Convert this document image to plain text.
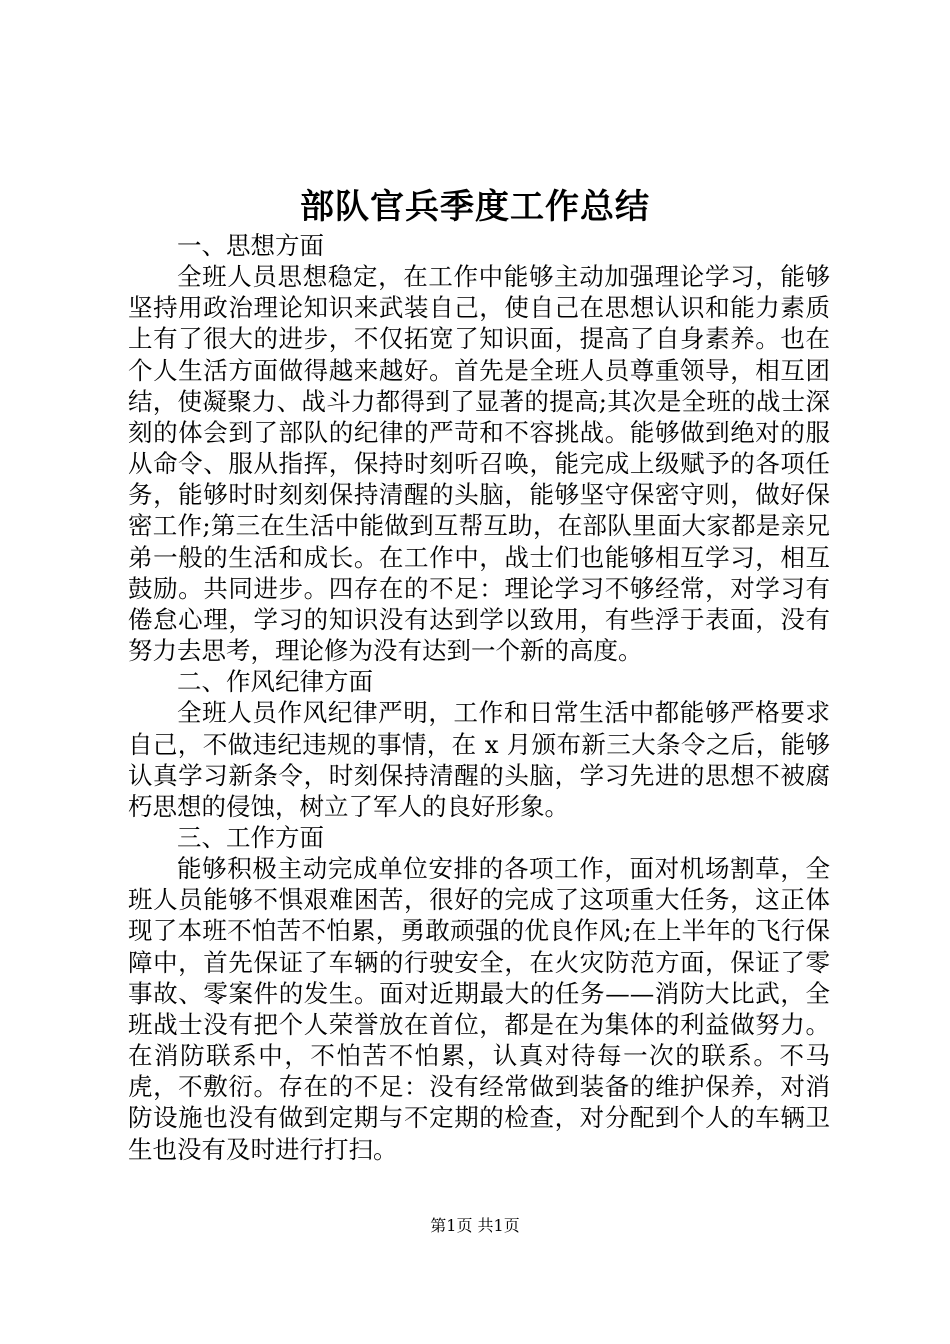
部队官兵季度工作总结

一、思想方面

全班人员思想稳定，在工作中能够主动加强理论学习，能够坚持用政治理论知识来武装自己，使自己在思想认识和能力素质上有了很大的进步，不仅拓宽了知识面，提高了自身素养。也在个人生活方面做得越来越好。首先是全班人员尊重领导，相互团结，使凝聚力、战斗力都得到了显著的提高;其次是全班的战士深刻的体会到了部队的纪律的严苛和不容挑战。能够做到绝对的服从命令、服从指挥，保持时刻听召唤，能完成上级赋予的各项任务，能够时时刻刻保持清醒的头脑，能够坚守保密守则，做好保密工作;第三在生活中能做到互帮互助，在部队里面大家都是亲兄弟一般的生活和成长。在工作中，战士们也能够相互学习，相互鼓励。共同进步。四存在的不足：理论学习不够经常，对学习有倦怠心理，学习的知识没有达到学以致用，有些浮于表面，没有努力去思考，理论修为没有达到一个新的高度。

二、作风纪律方面

全班人员作风纪律严明，工作和日常生活中都能够严格要求自己，不做违纪违规的事情，在 x 月颁布新三大条令之后，能够认真学习新条令，时刻保持清醒的头脑，学习先进的思想不被腐朽思想的侵蚀，树立了军人的良好形象。

三、工作方面

能够积极主动完成单位安排的各项工作，面对机场割草，全班人员能够不惧艰难困苦，很好的完成了这项重大任务，这正体现了本班不怕苦不怕累，勇敢顽强的优良作风;在上半年的飞行保障中，首先保证了车辆的行驶安全，在火灾防范方面，保证了零事故、零案件的发生。面对近期最大的任务——消防大比武，全班战士没有把个人荣誉放在首位，都是在为集体的利益做努力。在消防联系中，不怕苦不怕累，认真对待每一次的联系。不马虎，不敷衍。存在的不足：没有经常做到装备的维护保养，对消防设施也没有做到定期与不定期的检查，对分配到个人的车辆卫生也没有及时进行打扫。

第1页 共1页
